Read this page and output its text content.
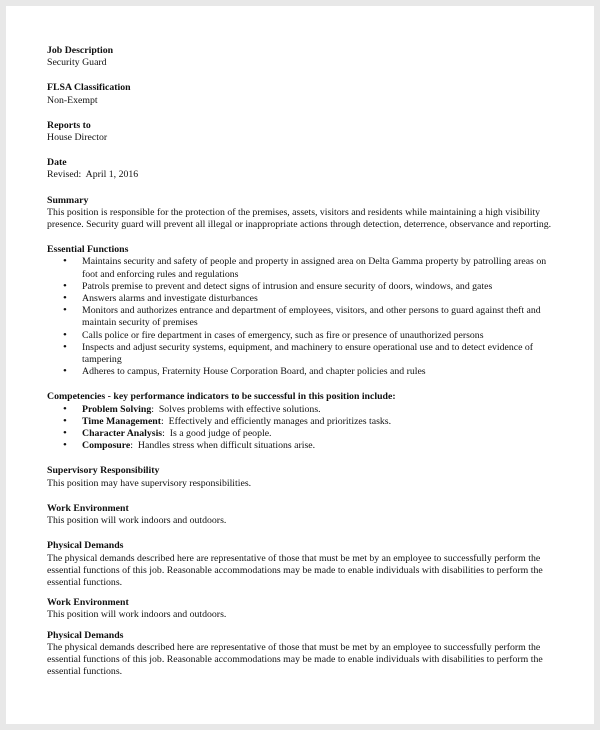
Job Description
Security Guard
FLSA Classification
Non-Exempt
Reports to
House Director
Date
Revised:  April 1, 2016
Summary
This position is responsible for the protection of the premises, assets, visitors and residents while maintaining a high visibility presence. Security guard will prevent all illegal or inappropriate actions through detection, deterrence, observance and reporting.
Essential Functions
• Maintains security and safety of people and property in assigned area on Delta Gamma property by patrolling areas on foot and enforcing rules and regulations
• Patrols premise to prevent and detect signs of intrusion and ensure security of doors, windows, and gates
• Answers alarms and investigate disturbances
• Monitors and authorizes entrance and department of employees, visitors, and other persons to guard against theft and maintain security of premises
• Calls police or fire department in cases of emergency, such as fire or presence of unauthorized persons
• Inspects and adjust security systems, equipment, and machinery to ensure operational use and to detect evidence of tampering
• Adheres to campus, Fraternity House Corporation Board, and chapter policies and rules
Competencies - key performance indicators to be successful in this position include:
• Problem Solving:  Solves problems with effective solutions.
• Time Management:  Effectively and efficiently manages and prioritizes tasks.
• Character Analysis:  Is a good judge of people.
• Composure:  Handles stress when difficult situations arise.
Supervisory Responsibility
This position may have supervisory responsibilities.
Work Environment
This position will work indoors and outdoors.
Physical Demands
The physical demands described here are representative of those that must be met by an employee to successfully perform the essential functions of this job. Reasonable accommodations may be made to enable individuals with disabilities to perform the essential functions.
Work Environment
This position will work indoors and outdoors.
Physical Demands
The physical demands described here are representative of those that must be met by an employee to successfully perform the essential functions of this job. Reasonable accommodations may be made to enable individuals with disabilities to perform the essential functions.
